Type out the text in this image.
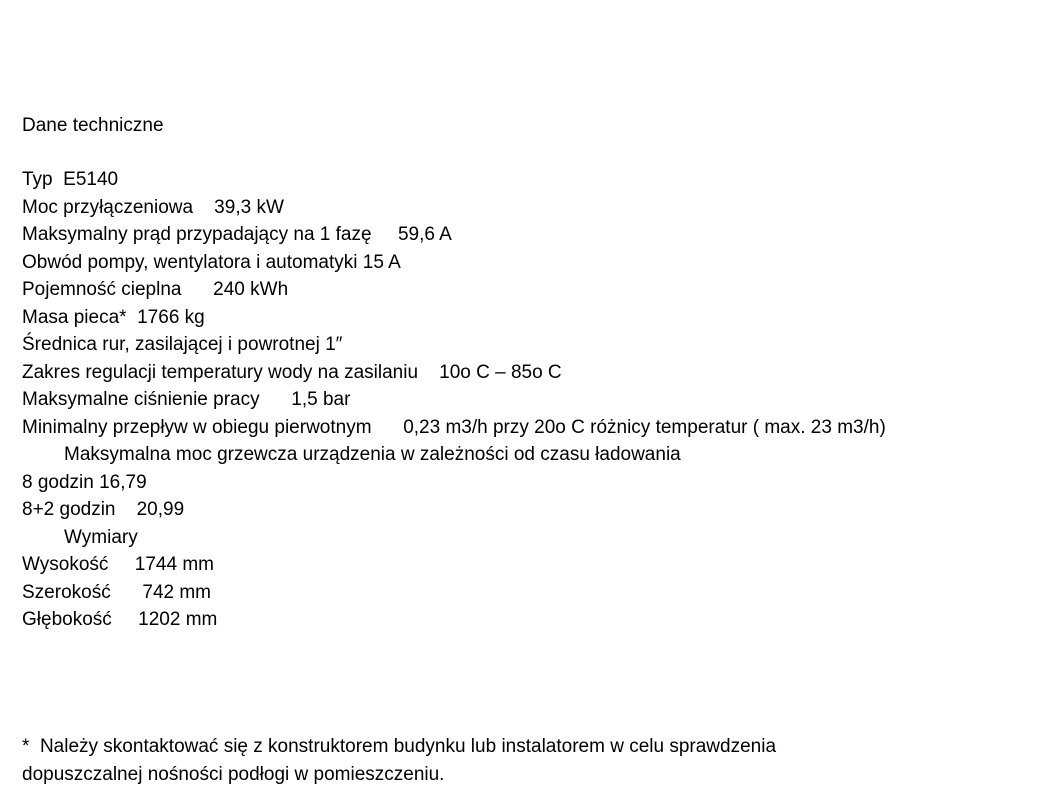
Dane techniczne
Typ  E5140
Moc przyłączeniowa    39,3 kW
Maksymalny prąd przypadający na 1 fazę     59,6 A
Obwód pompy, wentylatora i automatyki 15 A
Pojemność cieplna      240 kWh
Masa pieca*  1766 kg
Średnica rur, zasilającej i powrotnej 1″
Zakres regulacji temperatury wody na zasilaniu    10o C – 85o C
Maksymalne ciśnienie pracy      1,5 bar
Minimalny przepływ w obiegu pierwotnym      0,23 m3/h przy 20o C różnicy temperatur ( max. 23 m3/h)
Maksymalna moc grzewcza urządzenia w zależności od czasu ładowania
8 godzin 16,79
8+2 godzin    20,99
Wymiary
Wysokość     1744 mm
Szerokość      742 mm
Głębokość     1202 mm
*  Należy skontaktować się z konstruktorem budynku lub instalatorem w celu sprawdzenia
dopuszczalnej nośności podłogi w pomieszczeniu.
